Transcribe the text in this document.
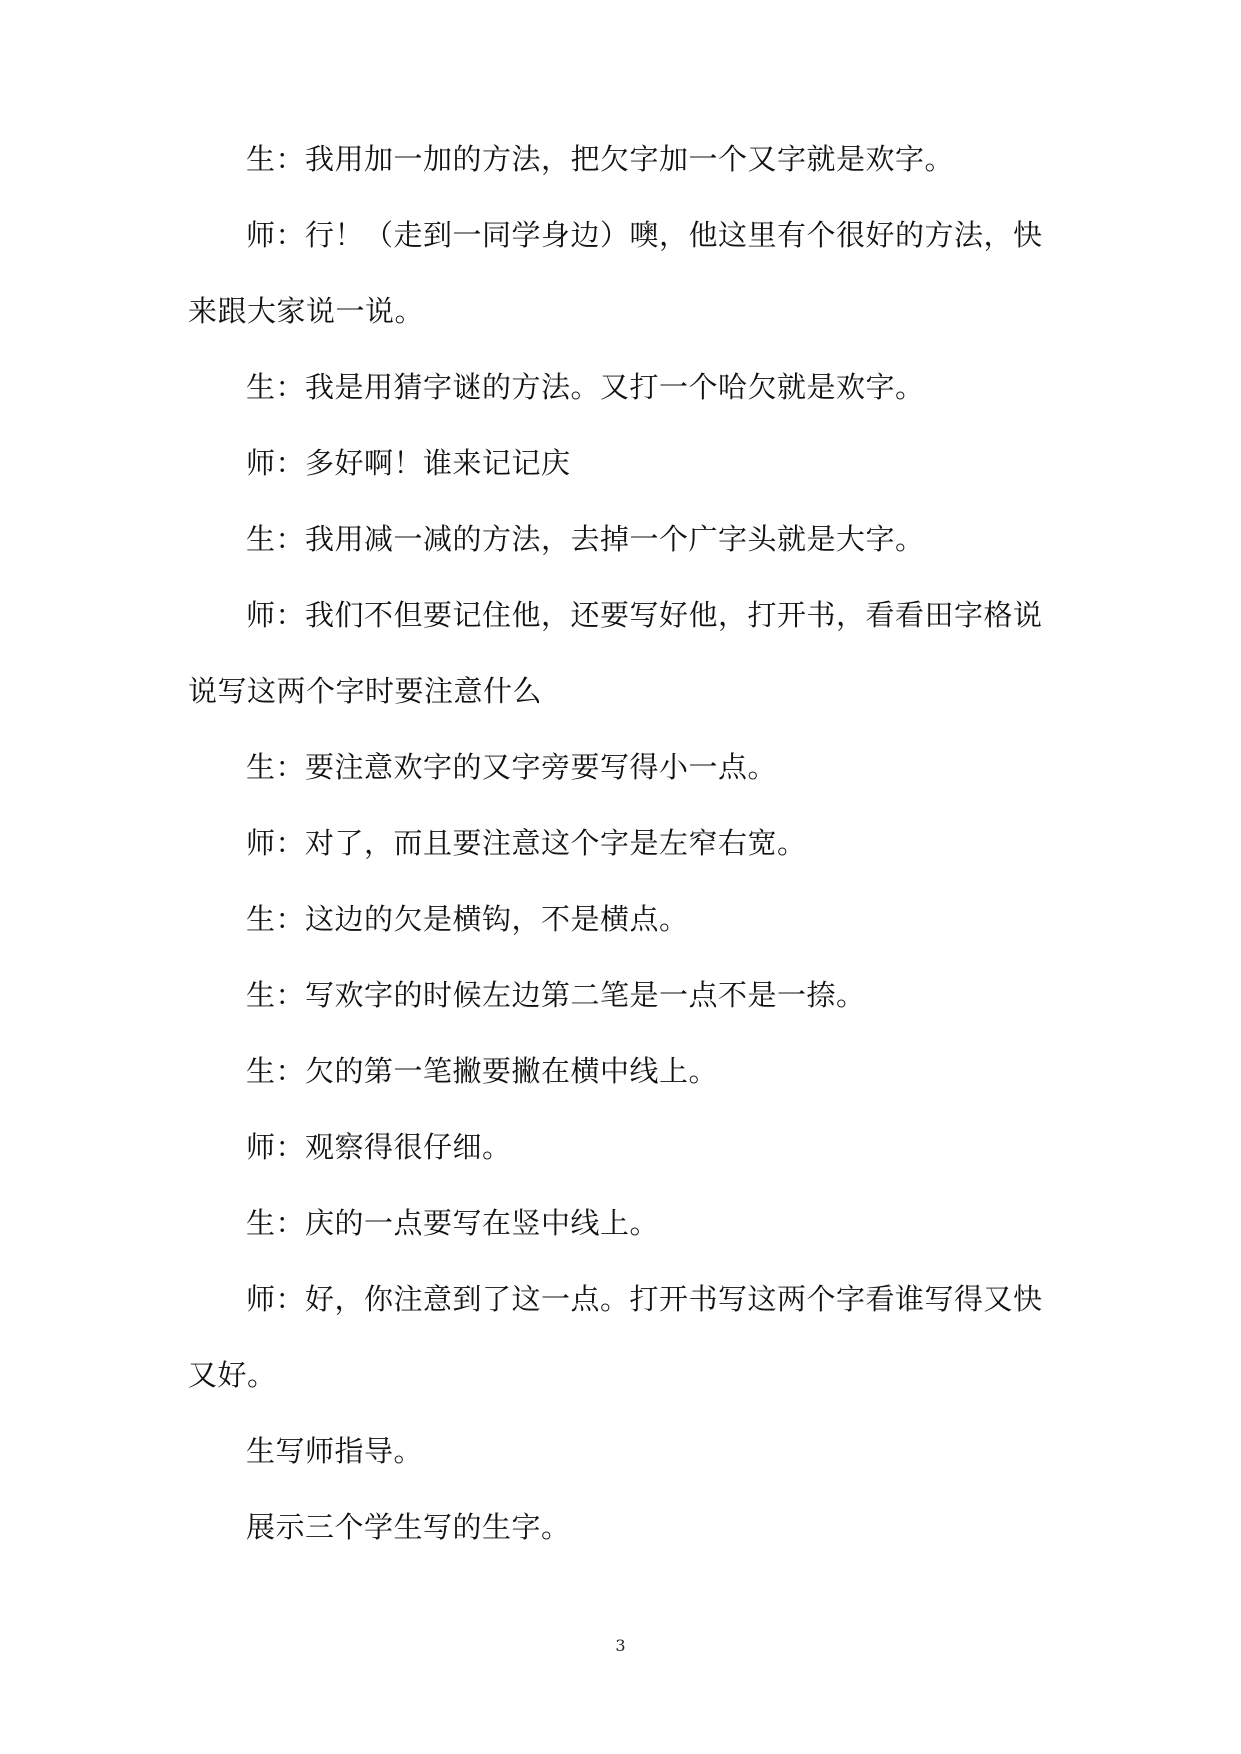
生：我用加一加的方法，把欠字加一个又字就是欢字。

师：行！（走到一同学身边）噢，他这里有个很好的方法，快来跟大家说一说。

生：我是用猜字谜的方法。又打一个哈欠就是欢字。

师：多好啊！谁来记记庆

生：我用减一减的方法，去掉一个广字头就是大字。

师：我们不但要记住他，还要写好他，打开书，看看田字格说说写这两个字时要注意什么

生：要注意欢字的又字旁要写得小一点。

师：对了，而且要注意这个字是左窄右宽。

生：这边的欠是横钩，不是横点。

生：写欢字的时候左边第二笔是一点不是一捺。

生：欠的第一笔撇要撇在横中线上。

师：观察得很仔细。

生：庆的一点要写在竖中线上。

师：好，你注意到了这一点。打开书写这两个字看谁写得又快又好。

生写师指导。

展示三个学生写的生字。

3
